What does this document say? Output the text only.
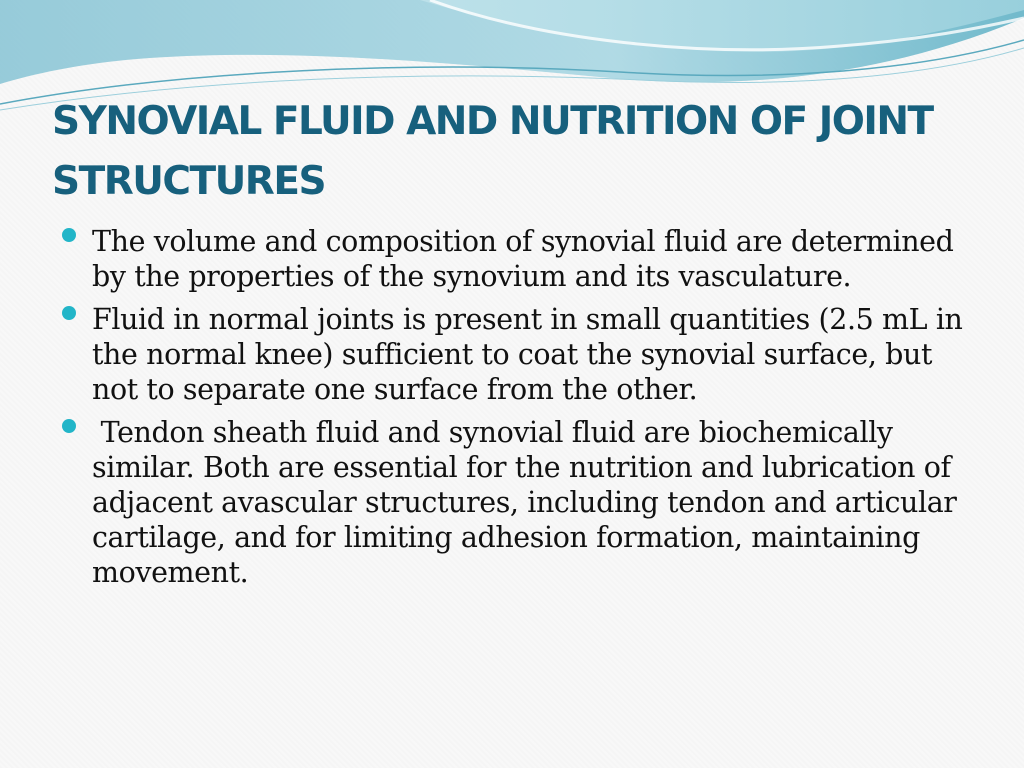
SYNOVIAL FLUID AND NUTRITION OF JOINT STRUCTURES
The volume and composition of synovial fluid are determined by the properties of the synovium and its vasculature.
Fluid in normal joints is present in small quantities (2.5 mL in the normal knee) sufficient to coat the synovial surface, but not to separate one surface from the other.
Tendon sheath fluid and synovial fluid are biochemically similar. Both are essential for the nutrition and lubrication of adjacent avascular structures, including tendon and articular cartilage, and for limiting adhesion formation, maintaining movement.
